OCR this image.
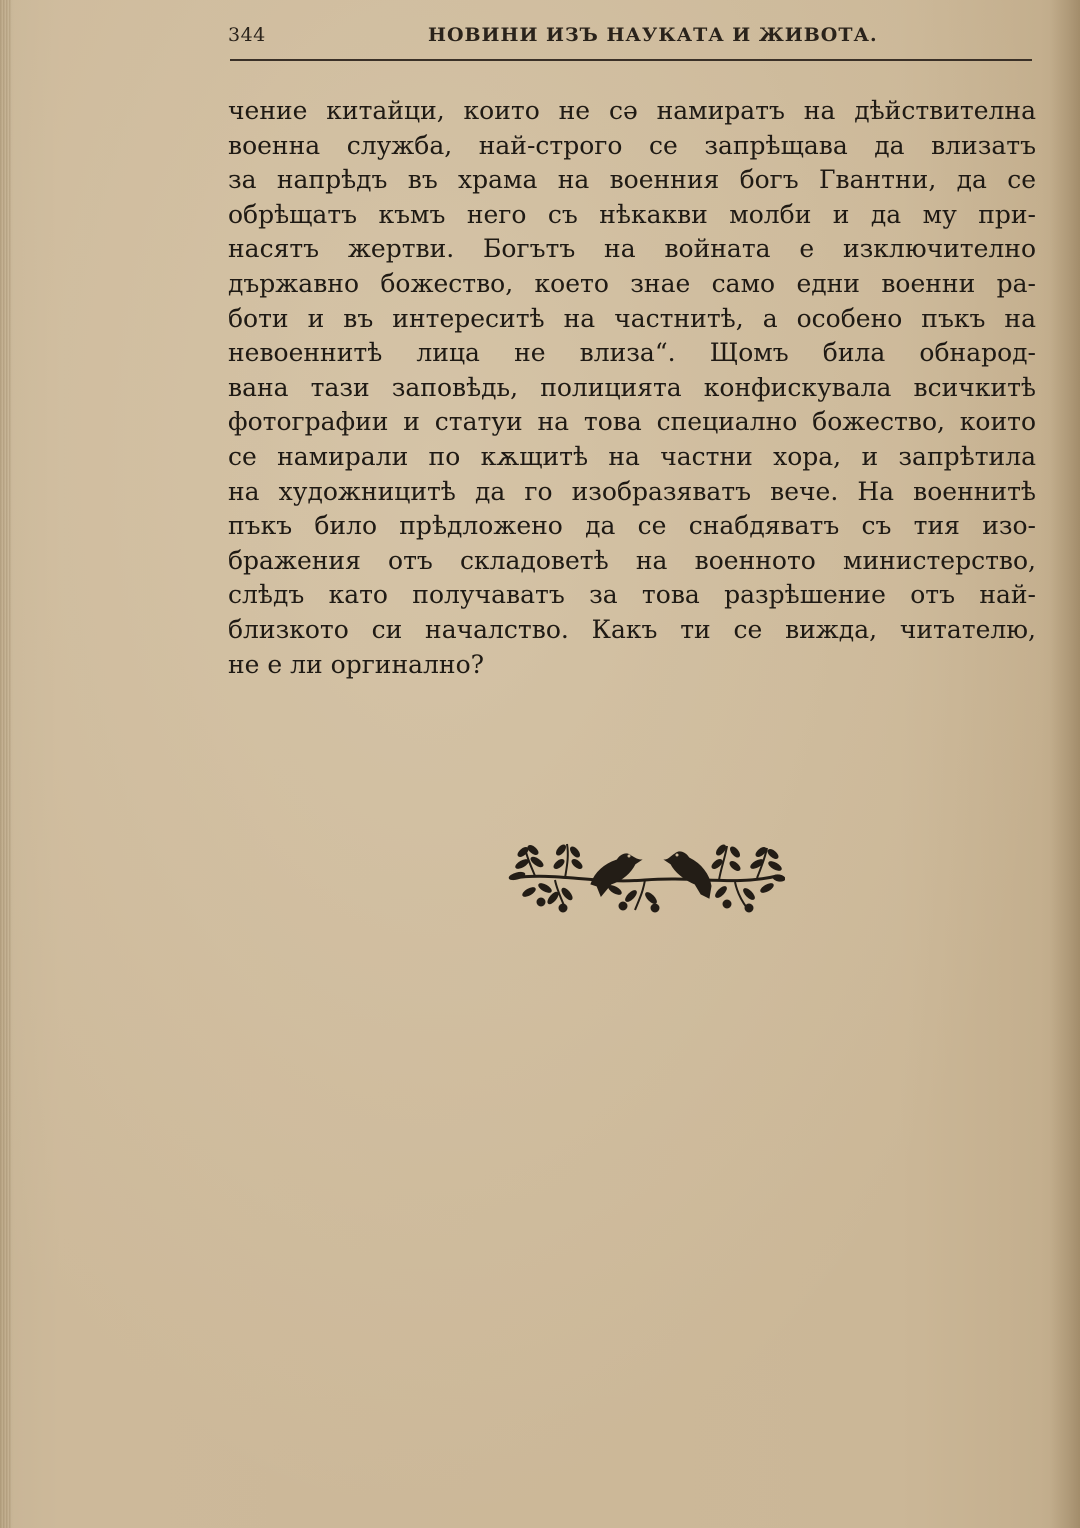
344	НОВИНИ ИЗЪ НАУКАТА И ЖИВОТА.
чение китайци, които не сә намиратъ на дѣйствителна
военна служба, най-строго се запрѣщава да влизатъ
за напрѣдъ въ храма на военния богъ Гвантни, да се
обрѣщатъ къмъ него съ нѣкакви молби и да му при-
насятъ жертви. Богътъ на войната е изключително
държавно божество, което знае само едни военни ра-
боти и въ интереситѣ на частнитѣ, а особено пъкъ на
невоеннитѣ лица не влиза“. Щомъ била обнарод-
вана тази заповѣдь, полицията конфискувала всичкитѣ
фотографии и статуи на това специално божество, които
се намирали по кѫщитѣ на частни хора, и запрѣтила
на художницитѣ да го изобразяватъ вече. На военнитѣ
пъкъ било прѣдложено да се снабдяватъ съ тия изо-
бражения отъ складоветѣ на военното министерство,
слѣдъ като получаватъ за това разрѣшение отъ най-
близкото си началство. Какъ ти се вижда, читателю,
не е ли оргинално?
